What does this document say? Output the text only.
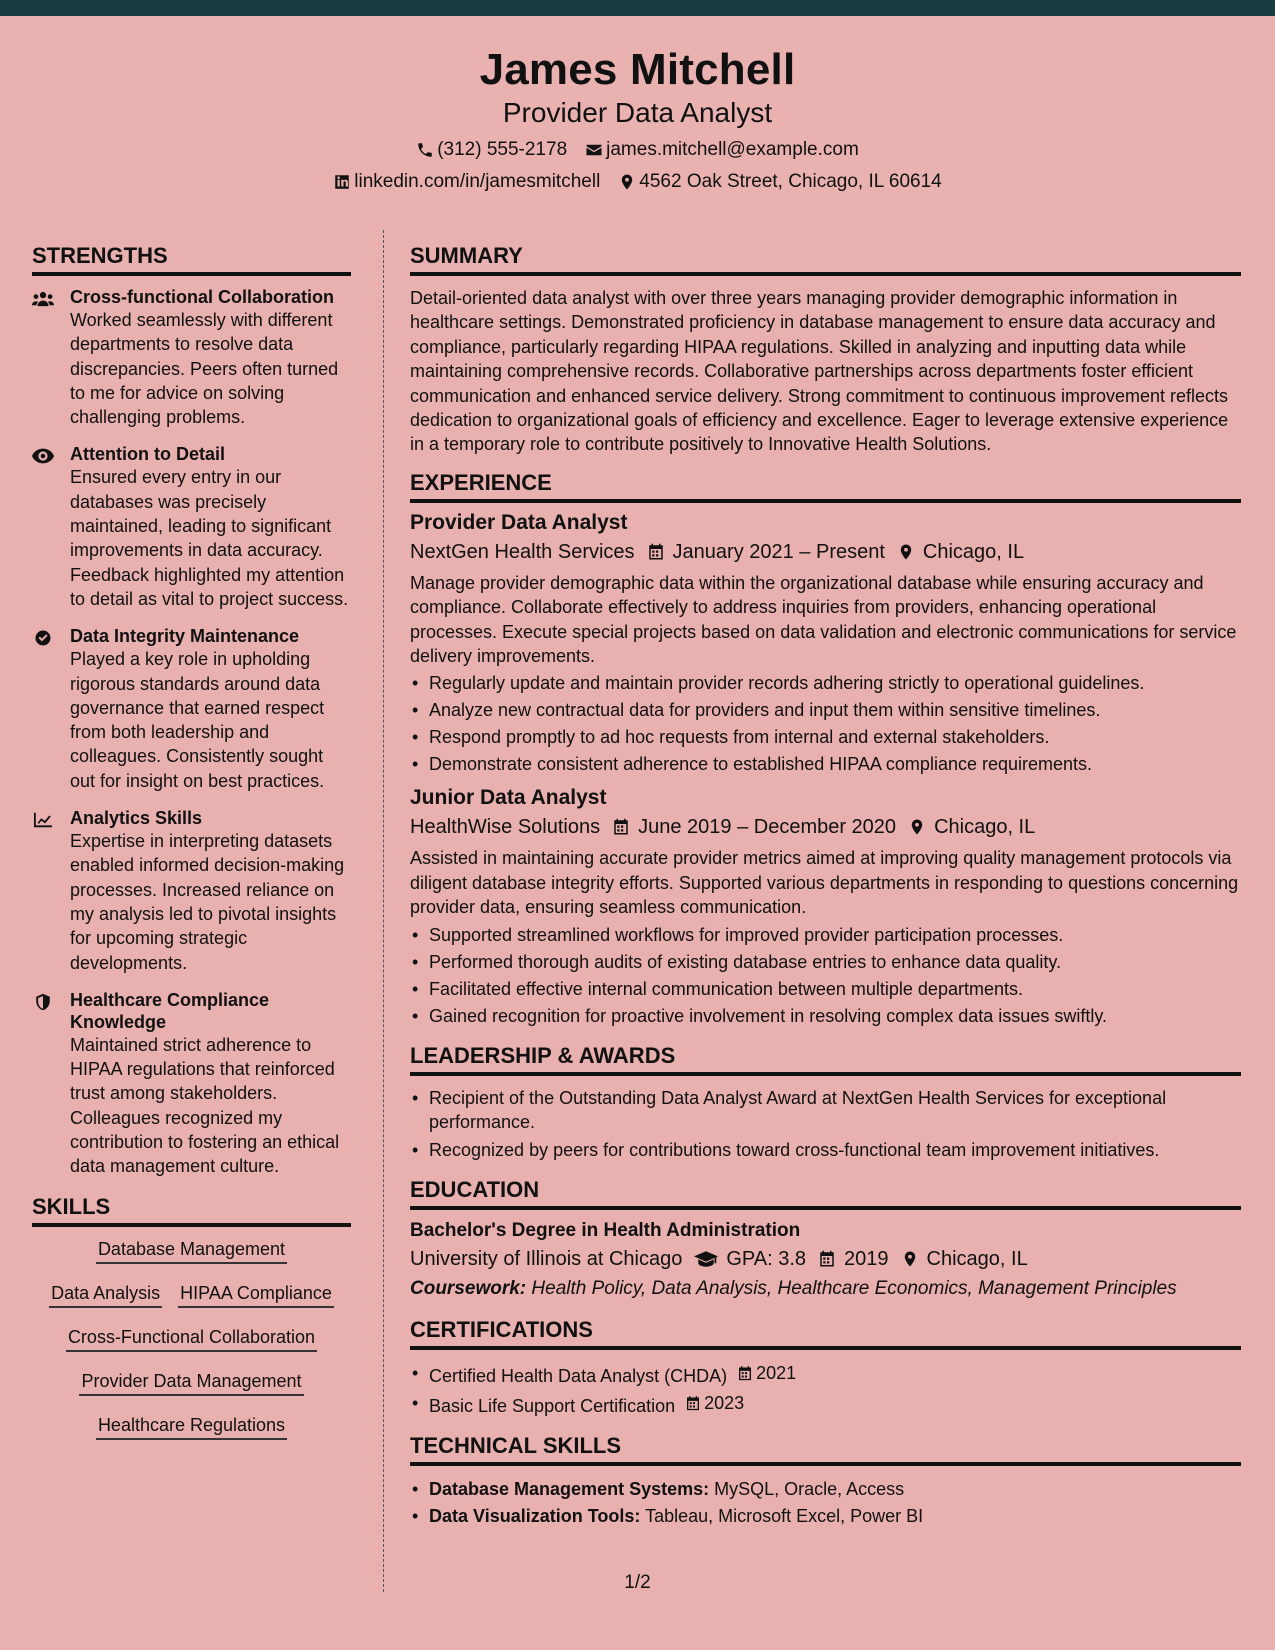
James Mitchell
Provider Data Analyst
(312) 555-2178 james.mitchell@example.com
linkedin.com/in/jamesmitchell 4562 Oak Street, Chicago, IL 60614
STRENGTHS
Cross-functional Collaboration
Worked seamlessly with different departments to resolve data discrepancies. Peers often turned to me for advice on solving challenging problems.
Attention to Detail
Ensured every entry in our databases was precisely maintained, leading to significant improvements in data accuracy. Feedback highlighted my attention to detail as vital to project success.
Data Integrity Maintenance
Played a key role in upholding rigorous standards around data governance that earned respect from both leadership and colleagues. Consistently sought out for insight on best practices.
Analytics Skills
Expertise in interpreting datasets enabled informed decision-making processes. Increased reliance on my analysis led to pivotal insights for upcoming strategic developments.
Healthcare Compliance Knowledge
Maintained strict adherence to HIPAA regulations that reinforced trust among stakeholders. Colleagues recognized my contribution to fostering an ethical data management culture.
SKILLS
Database Management
Data Analysis HIPAA Compliance
Cross-Functional Collaboration
Provider Data Management
Healthcare Regulations
SUMMARY

Detail-oriented data analyst with over three years managing provider demographic information in healthcare settings. Demonstrated proficiency in database management to ensure data accuracy and compliance, particularly regarding HIPAA regulations. Skilled in analyzing and inputting data while maintaining comprehensive records. Collaborative partnerships across departments foster efficient communication and enhanced service delivery. Strong commitment to continuous improvement reflects dedication to organizational goals of efficiency and excellence. Eager to leverage extensive experience in a temporary role to contribute positively to Innovative Health Solutions.

EXPERIENCE
Provider Data Analyst
NextGen Health Services January 2021 – Present Chicago, IL

Manage provider demographic data within the organizational database while ensuring accuracy and compliance. Collaborate effectively to address inquiries from providers, enhancing operational processes. Execute special projects based on data validation and electronic communications for service delivery improvements.

• Regularly update and maintain provider records adhering strictly to operational guidelines.
• Analyze new contractual data for providers and input them within sensitive timelines.
• Respond promptly to ad hoc requests from internal and external stakeholders.
• Demonstrate consistent adherence to established HIPAA compliance requirements.
Junior Data Analyst
HealthWise Solutions June 2019 – December 2020 Chicago, IL

Assisted in maintaining accurate provider metrics aimed at improving quality management protocols via diligent database integrity efforts. Supported various departments in responding to questions concerning provider data, ensuring seamless communication.

• Supported streamlined workflows for improved provider participation processes.
• Performed thorough audits of existing database entries to enhance data quality.
• Facilitated effective internal communication between multiple departments.
• Gained recognition for proactive involvement in resolving complex data issues swiftly.
LEADERSHIP & AWARDS
• Recipient of the Outstanding Data Analyst Award at NextGen Health Services for exceptional performance.
• Recognized by peers for contributions toward cross-functional team improvement initiatives.
EDUCATION
Bachelor's Degree in Health Administration
University of Illinois at Chicago GPA: 3.8 2019 Chicago, IL
Coursework: Health Policy, Data Analysis, Healthcare Economics, Management Principles
CERTIFICATIONS
• Certified Health Data Analyst (CHDA) 2021
• Basic Life Support Certification 2023
TECHNICAL SKILLS
• Database Management Systems: MySQL, Oracle, Access
• Data Visualization Tools: Tableau, Microsoft Excel, Power BI
1/2
